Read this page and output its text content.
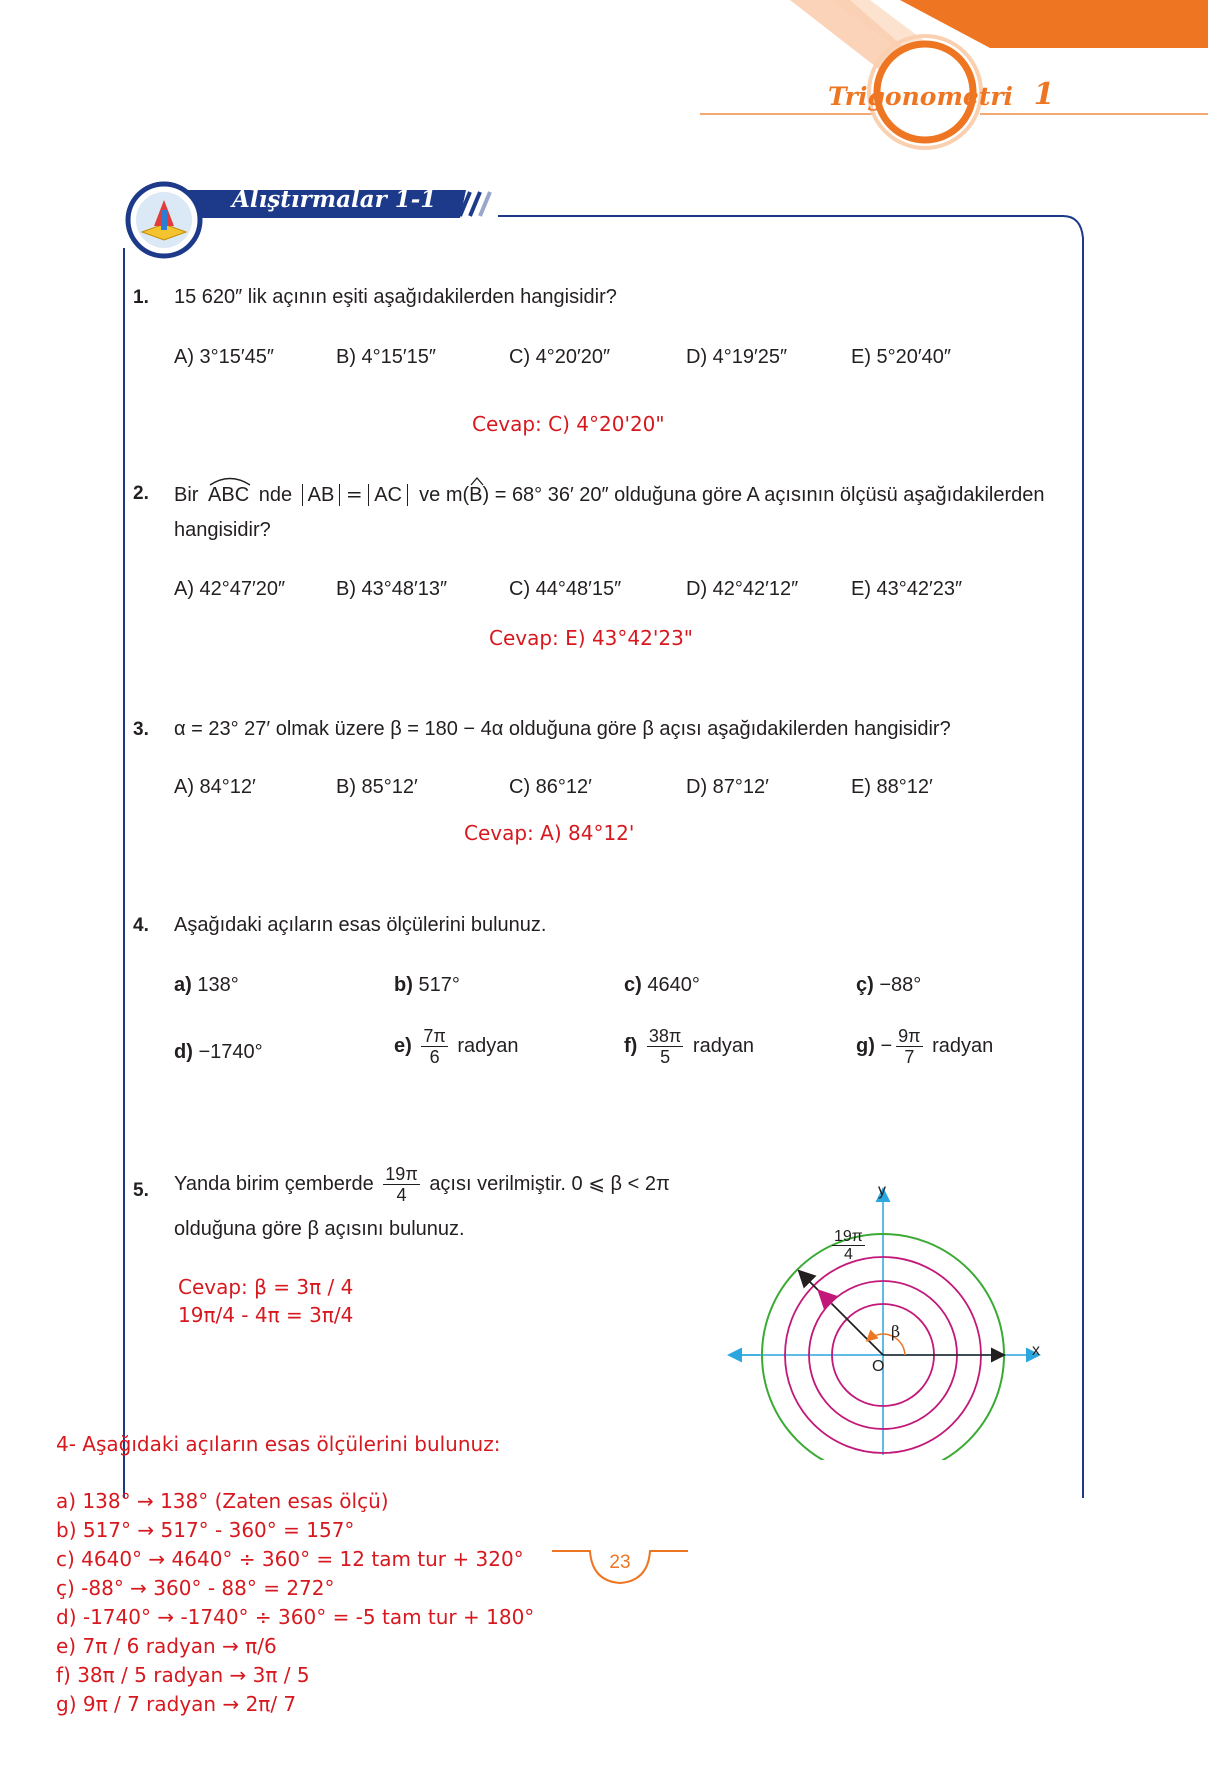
Trigonometri 1
Alıştırmalar 1-1
1. 15 620″ lik açının eşiti aşağıdakilerden hangisidir?
A) 3°15′45″	B) 4°15′15″	C) 4°20′20″	D) 4°19′25″	E) 5°20′40″
Cevap: C) 4°20'20"
2. Bir ABC nde AB = AC ve m(
B) = 68° 36′ 20″ olduğuna göre A açısının ölçüsü aşağıdakilerden
hangisidir?
A) 42°47′20″	B) 43°48′13″	C) 44°48′15″	D) 42°42′12″	E) 43°42′23″
Cevap: E) 43°42'23"
3. α = 23° 27′ olmak üzere β = 180 − 4α olduğuna göre β açısı aşağıdakilerden hangisidir?
A) 84°12′	B) 85°12′	C) 86°12′	D) 87°12′	E) 88°12′
Cevap: A) 84°12'
4. Aşağıdaki açıların esas ölçülerini bulunuz.
a) 138°	b) 517°	c) 4640°	ç) −88°
d) −1740°	$e) \frac{7\pi}{6}$ radyan	$f) \frac{38\pi}{5}$ radyan	$g) - \frac{9\pi}{7}$ radyan
5. Yanda birim çemberde $\frac{19\pi}{4}$ açısı verilmiştir. 0 ⩽ β < 2π
olduğuna göre β açısını bulunuz.
Cevap: β = 3π / 4
19π/4 - 4π = 3π/4
y
x
O
β
$\frac{19\pi}{4}$
4- Aşağıdaki açıların esas ölçülerini bulunuz:
a) 138° → 138° (Zaten esas ölçü)
b) 517° → 517° - 360° = 157°
c) 4640° → 4640° ÷ 360° = 12 tam tur + 320°
ç) -88° → 360° - 88° = 272°
d) -1740° → -1740° ÷ 360° = -5 tam tur + 180°
e) 7π / 6 radyan → π/6
f) 38π / 5 radyan → 3π / 5
g) 9π / 7 radyan → 2π/ 7
23
